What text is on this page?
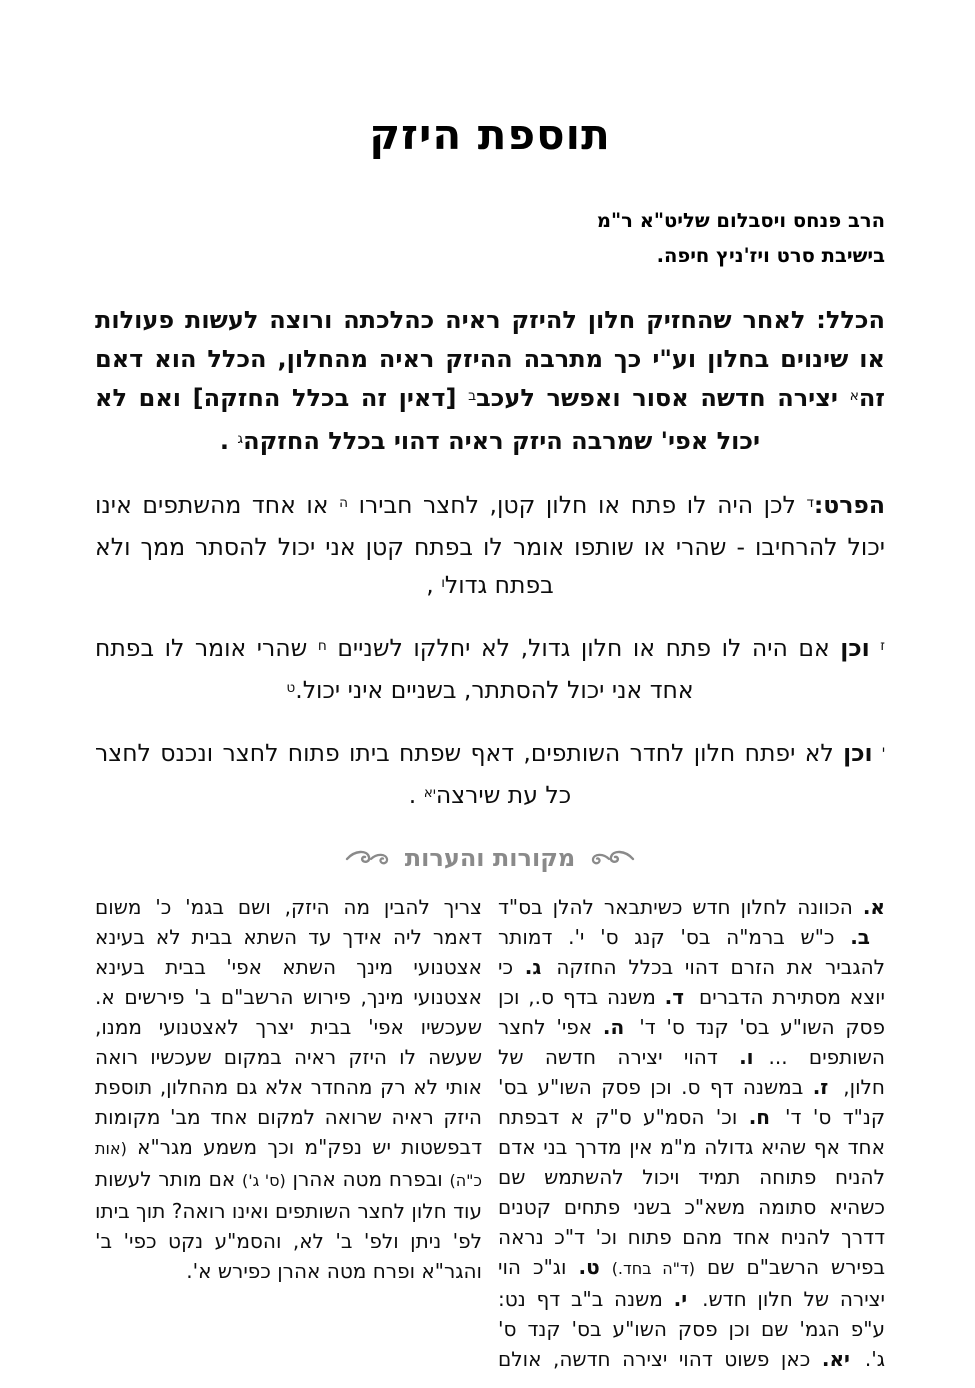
תוספת היזק
הרב פנחס ויסבלום שליט"א ר"מ
בישיבת סרט ויז'ניץ חיפה.

הכלל: לאחר שהחזיק חלון להיזק ראיה כהלכתה ורוצה לעשות פעולות או שינוים בחלון וע"י כך מתרבה ההיזק ראיה מהחלון, הכלל הוא דאם זה$^א$ יצירה חדשה אסור ואפשר לעכב$^ב$ [דאין זה בכלל החזקה] ואם לא יכול אפי' שמרבה היזק ראיה דהוי בכלל החזקה$^ג$ .

הפרט:$^ד$ לכן היה לו פתח או חלון קטן, לחצר חבירו $^ה$ או אחד מהשתפים אינו יכול להרחיבו - שהרי או שותפו אומר לו בפתח קטן אני יכול להסתר ממך ולא בפתח גדול$^ו$ ,

$^ז$ וכן אם היה לו פתח או חלון גדול, לא יחלקו לשניים $^ח$ שהרי אומר לו בפתח אחד אני יכול להסתתר, בשניים איני יכול.$^ט$

$^י$ וכן לא יפתח חלון לחדר השותפים, דאף שפתח ביתו פתוח לחצר ונכנס לחצר כל עת שירצה$^{יא}$ .

מקורות והערות
א. הכוונה לחלון חדש כשיתבאר להלן בס"ד ב. כ"ש ברמ"ה בס' קנג ס' י'. דמותר להגביר את הזרם דהוי בכלל החזקהג. כי יוצא מסתירת הדבריםד. משנה בדף ס., וכן פסק השו"ע בס' קנד ס' ד'ה. אפי' לחצר השותפים ...ו. דהוי יצירה חדשה של חלון,ז. במשנה דף ס. וכן פסק השו"ע בס' קנ"ד ס' ד'ח. וכ' הסמ"ע ס"ק א דבפתח אחד אף שהיא גדולה מ"מ אין מדרך בני אדם להניח פתוחה תמיד ויכול להשתמש שם כשהיא סתומה משא"כ בשני פתחים קטנים דדרך להניח אחד מהם פתוח וכ' ד"כ נראה בפירש הרשב"ם שם (ד"ה בחד.) ט. וג"כ הוי יצירה של חלון חדש.י. משנה ב"ב דף נט: ע"פ הגמ' שם וכן פסק השו"ע בס' קנד ס' ג'.יא. כאן פשוט דהוי יצירה חדשה, אולם צריך להבין מה היזק, ושם בגמ' כ' משום דאמר ליה אידך עד השתא בבית לא בעינא אצטנועי מינך השתא אפי' בבית בעינא אצטנועי מינך, פירוש הרשב"ם ב' פירשים א. שעכשיו אפי' בבית יצרך לאצטנועי ממנו, שעשה לו היזק ראיה במקום שעכשיו רואה אותי לא רק מהחדר אלא גם מהחלון, תוספת היזק ראיה שרואה למקום אחד מב' מקומות דבפשטות יש נפק"מ וכך משמע מגר"א (אות כ"ה) ובפרח מטה אהרן (ס' ג') אם מותר לעשות עוד חלון לחצר השותפים ואינו רואה? תוך ביתו לפ' ניתן ולפ' ב' לא, והסמ"ע נקט כפי' ב' והגר"א ופרח מטה אהרן כפירש א'.
